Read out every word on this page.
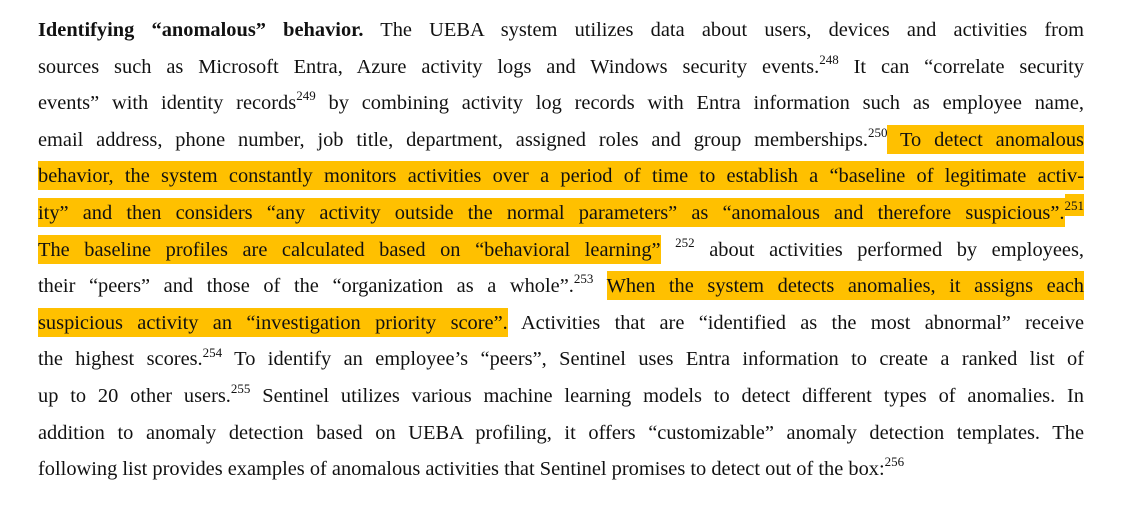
Identifying “anomalous” behavior. The UEBA system utilizes data about users, devices and activities from
sources such as Microsoft Entra, Azure activity logs and Windows security events.$^{248}$ It can “correlate security
events” with identity records$^{249}$ by combining activity log records with Entra information such as employee name,
email address, phone number, job title, department, assigned roles and group memberships.$^{250}$ To detect anomalous
behavior, the system constantly monitors activities over a period of time to establish a “baseline of legitimate activ-
ity” and then considers “any activity outside the normal parameters” as “anomalous and therefore suspicious”.$^{251}$
The baseline profiles are calculated based on “behavioral learning” $^{252}$ about activities performed by employees,
their “peers” and those of the “organization as a whole”.$^{253}$ When the system detects anomalies, it assigns each
suspicious activity an “investigation priority score”. Activities that are “identified as the most abnormal” receive
the highest scores.$^{254}$ To identify an employee’s “peers”, Sentinel uses Entra information to create a ranked list of
up to 20 other users.$^{255}$ Sentinel utilizes various machine learning models to detect different types of anomalies. In
addition to anomaly detection based on UEBA profiling, it offers “customizable” anomaly detection templates. The
following list provides examples of anomalous activities that Sentinel promises to detect out of the box:$^{256}$
